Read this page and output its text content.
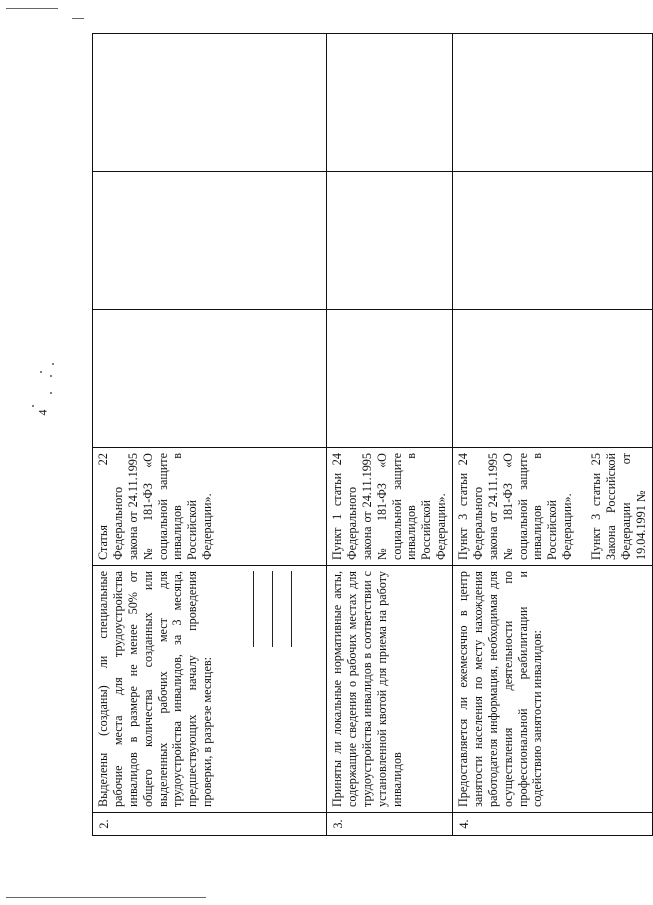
4
2.	Выделены (созданы) ли специальные рабочие места для трудоустройства инвалидов в размере не менее 50% от общего количества созданных или выделенных рабочих мест для трудоустройства инвалидов, за 3 месяца, предшествующих началу проведения проверки, в разрезе месяцев:	Статья 22 Федерального закона от 24.11.1995 № 181-ФЗ «О социальной защите инвалидов в Российской Федерации».			

3.	Приняты ли локальные нормативные акты, содержащие сведения о рабочих местах для трудоустройства инвалидов в соответствии с установленной квотой для приема на работу инвалидов	Пункт 1 статьи 24 Федерального закона от 24.11.1995 № 181-ФЗ «О социальной защите инвалидов в Российской Федерации».			

4.	Предоставляется ли ежемесячно в центр занятости населения по месту нахождения работодателя информация, необходимая для осуществления деятельности по профессиональной реабилитации и содействию занятости инвалидов:	Пункт 3 статьи 24 Федерального закона от 24.11.1995 № 181-ФЗ «О социальной защите инвалидов в Российской Федерации». Пункт 3 статьи 25 Закона Российской Федерации от 19.04.1991 №			
